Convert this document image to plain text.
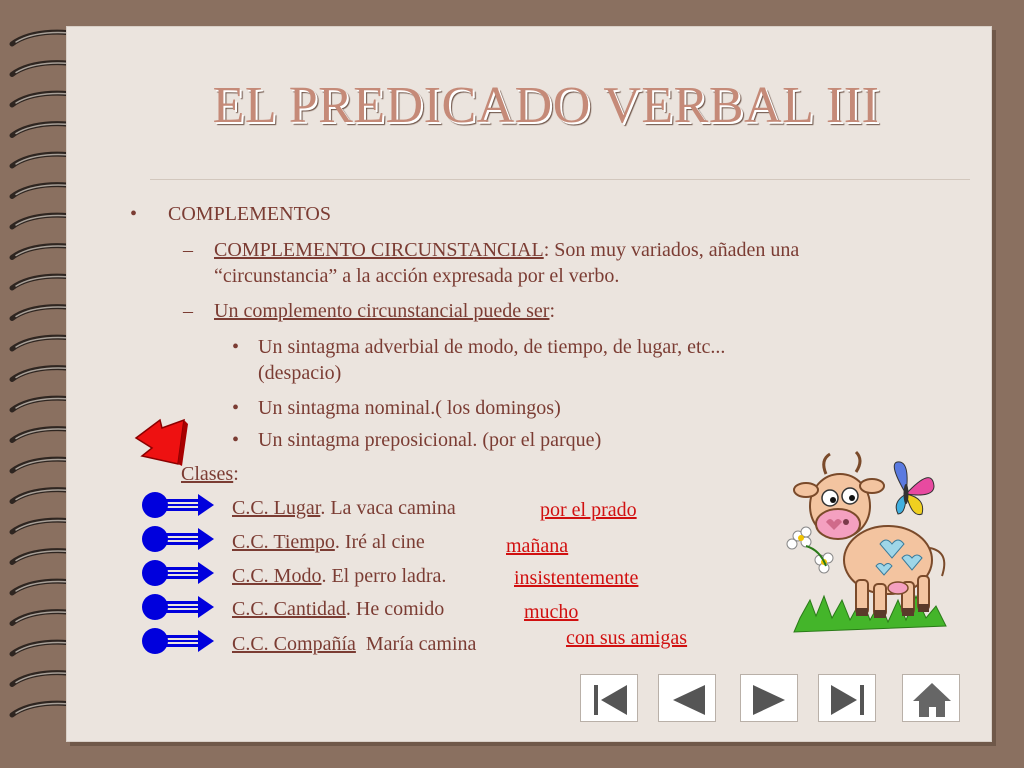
EL PREDICADO VERBAL III
• COMPLEMENTOS
– COMPLEMENTO CIRCUNSTANCIAL: Son muy variados, añaden una
“circunstancia” a la acción expresada por el verbo.
– Un complemento circunstancial puede ser:
• Un sintagma adverbial de modo, de tiempo, de lugar, etc...
(despacio)
• Un sintagma nominal.( los domingos)
• Un sintagma preposicional. (por el parque)
Clases:
C.C. Lugar. La vaca camina	por el prado
C.C. Tiempo. Iré al cine	mañana
C.C. Modo. El perro ladra.	insistentemente
C.C. Cantidad. He comido	mucho
C.C. Compañía  María camina	con sus amigas
